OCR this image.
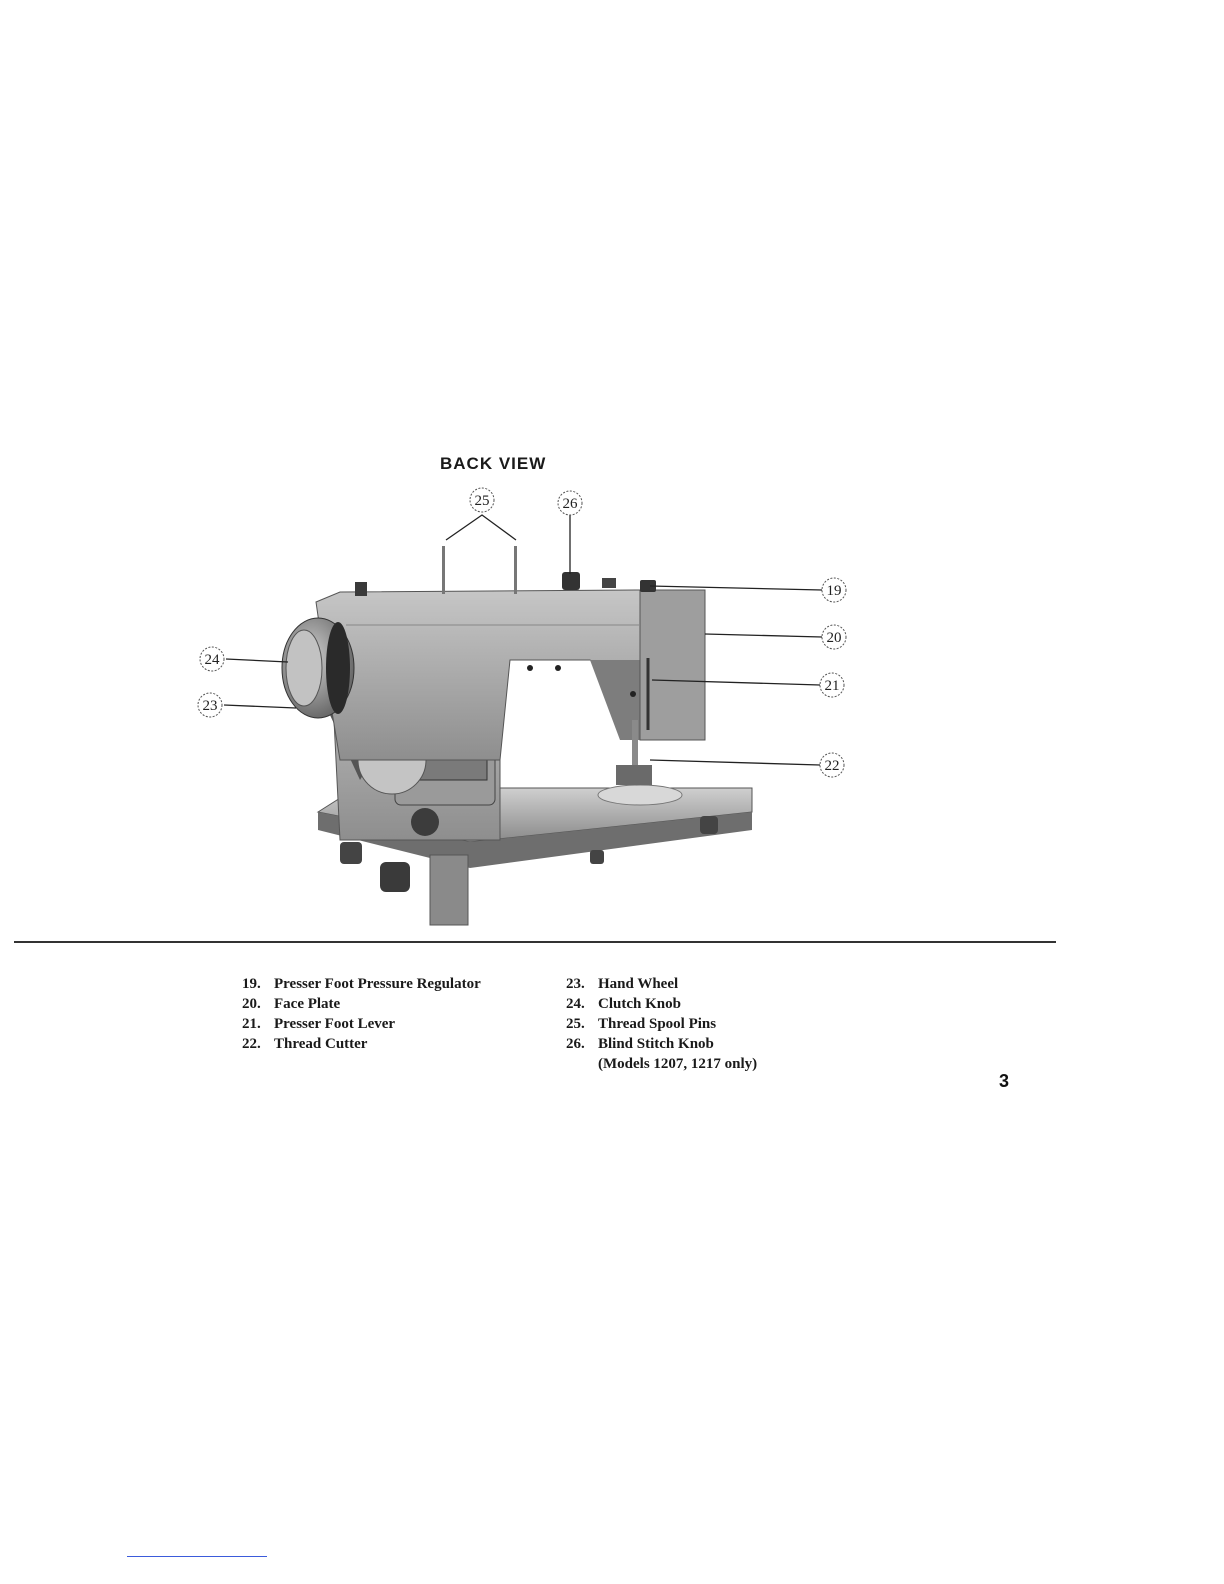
BACK VIEW
25	26
19
20
21
22
23
24
19. Presser Foot Pressure Regulator
20. Face Plate
21. Presser Foot Lever
22. Thread Cutter
23. Hand Wheel
24. Clutch Knob
25. Thread Spool Pins
26. Blind Stitch Knob
(Models 1207, 1217 only)
3
